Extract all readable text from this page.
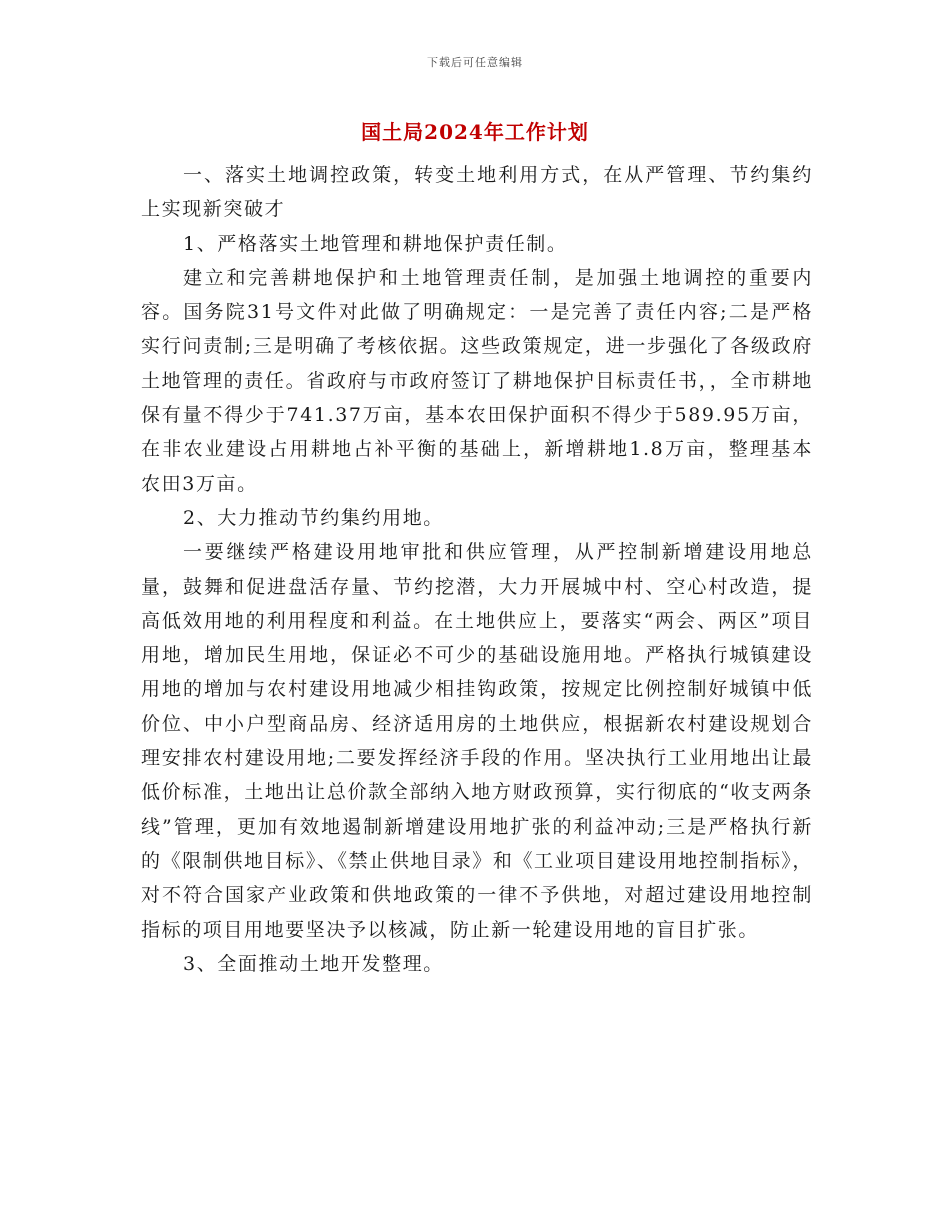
下载后可任意编辑
国土局2024年工作计划

一、落实土地调控政策，转变土地利用方式，在从严管理、节约集约上实现新突破才

1、严格落实土地管理和耕地保护责任制。

建立和完善耕地保护和土地管理责任制，是加强土地调控的重要内容。国务院31号文件对此做了明确规定：一是完善了责任内容;二是严格实行问责制;三是明确了考核依据。这些政策规定，进一步强化了各级政府土地管理的责任。省政府与市政府签订了耕地保护目标责任书，，全市耕地保有量不得少于741.37万亩，基本农田保护面积不得少于589.95万亩，在非农业建设占用耕地占补平衡的基础上，新增耕地1.8万亩，整理基本农田3万亩。

2、大力推动节约集约用地。

一要继续严格建设用地审批和供应管理，从严控制新增建设用地总量，鼓舞和促进盘活存量、节约挖潜，大力开展城中村、空心村改造，提高低效用地的利用程度和利益。在土地供应上，要落实“两会、两区”项目用地，增加民生用地，保证必不可少的基础设施用地。严格执行城镇建设用地的增加与农村建设用地减少相挂钩政策，按规定比例控制好城镇中低价位、中小户型商品房、经济适用房的土地供应，根据新农村建设规划合理安排农村建设用地;二要发挥经济手段的作用。坚决执行工业用地出让最低价标准，土地出让总价款全部纳入地方财政预算，实行彻底的“收支两条线”管理，更加有效地遏制新增建设用地扩张的利益冲动;三是严格执行新的《限制供地目标》、《禁止供地目录》和《工业项目建设用地控制指标》，对不符合国家产业政策和供地政策的一律不予供地，对超过建设用地控制指标的项目用地要坚决予以核减，防止新一轮建设用地的盲目扩张。

3、全面推动土地开发整理。
